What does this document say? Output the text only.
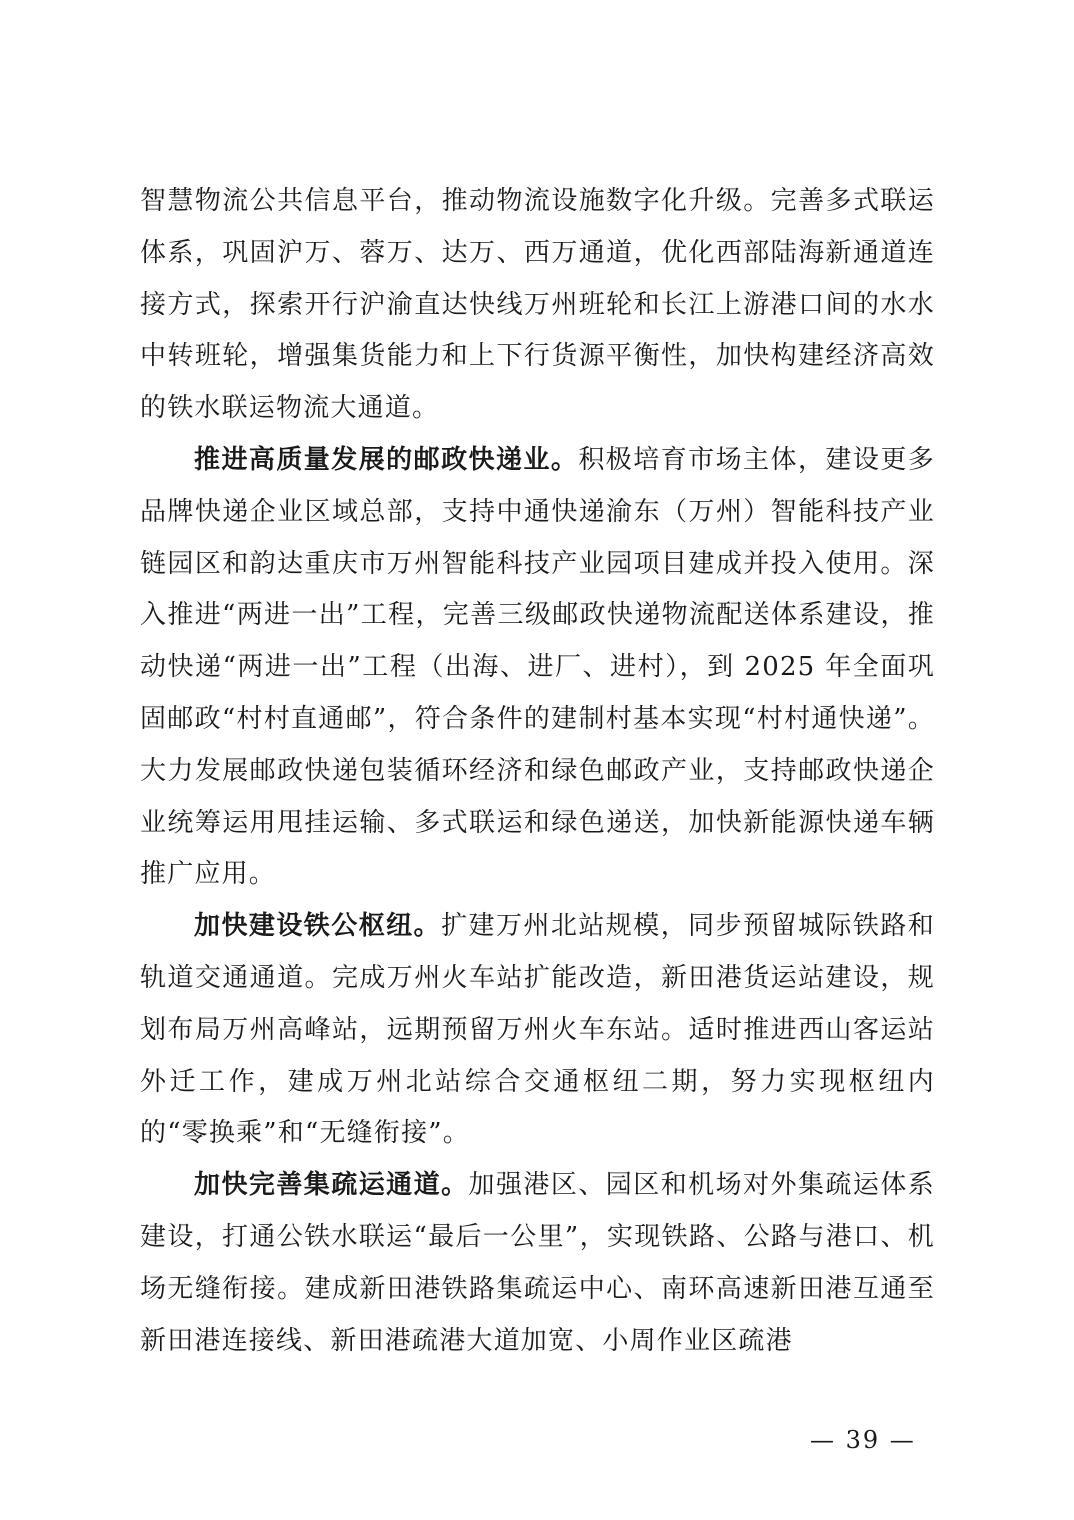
智慧物流公共信息平台，推动物流设施数字化升级。完善多式联运体系，巩固沪万、蓉万、达万、西万通道，优化西部陆海新通道连接方式，探索开行沪渝直达快线万州班轮和长江上游港口间的水水中转班轮，增强集货能力和上下行货源平衡性，加快构建经济高效的铁水联运物流大通道。

推进高质量发展的邮政快递业。积极培育市场主体，建设更多品牌快递企业区域总部，支持中通快递渝东（万州）智能科技产业链园区和韵达重庆市万州智能科技产业园项目建成并投入使用。深入推进“两进一出”工程，完善三级邮政快递物流配送体系建设，推动快递“两进一出”工程（出海、进厂、进村），到 2025 年全面巩固邮政“村村直通邮”，符合条件的建制村基本实现“村村通快递”。大力发展邮政快递包装循环经济和绿色邮政产业，支持邮政快递企业统筹运用甩挂运输、多式联运和绿色递送，加快新能源快递车辆推广应用。

加快建设铁公枢纽。扩建万州北站规模，同步预留城际铁路和轨道交通通道。完成万州火车站扩能改造，新田港货运站建设，规划布局万州高峰站，远期预留万州火车东站。适时推进西山客运站外迁工作，建成万州北站综合交通枢纽二期，努力实现枢纽内的“零换乘”和“无缝衔接”。

加快完善集疏运通道。加强港区、园区和机场对外集疏运体系建设，打通公铁水联运“最后一公里”，实现铁路、公路与港口、机场无缝衔接。建成新田港铁路集疏运中心、南环高速新田港互通至新田港连接线、新田港疏港大道加宽、小周作业区疏港

— 39 —
